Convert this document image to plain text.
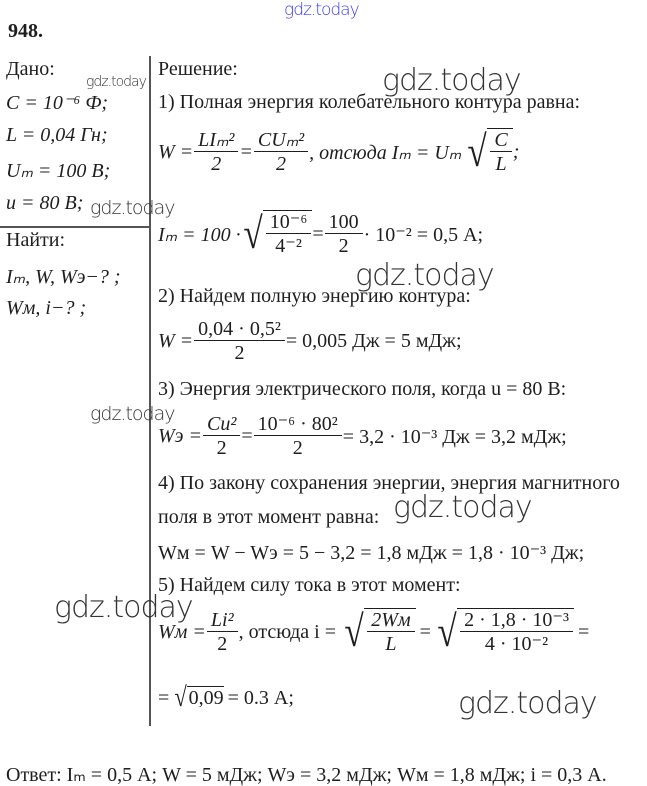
gdz.today
948.
Дано:
C = 10⁻⁶ Ф;
L = 0,04 Гн;
Uₘ = 100 В;
u = 80 В;
Найти:
Iₘ, W, Wэ−? ;
Wм, i−? ;
Решение:
1) Полная энергия колебательного контура равна:
$W = \frac{\text{LIₘ²}}{2} = \frac{\text{CUₘ²}}{2}$ , отсюда Iₘ = Uₘ √ $\frac{C}{L}$ ;
Iₘ = 100 · √ $\frac{\text{10⁻⁶}}{\text{4⁻²}} = \frac{100}{2} \cdot 10^{-2} = 0,5$ А;
2) Найдем полную энергию контура:
$W = \frac{\text{0,04 · 0,5²}}{2} = 0,005$ Дж = 5 мДж;
3) Энергия электрического поля, когда u = 80 В:
Wэ = $\frac{\text{Cu²}}{2} = \frac{\text{10⁻⁶ · 80²}}{2} = 3,2 \cdot 10^{-3}$ Дж = 3,2 мДж;
4) По закону сохранения энергии, энергия магнитного
поля в этот момент равна:
Wм = W − Wэ = 5 − 3,2 = 1,8 мДж = 1,8 · 10⁻³ Дж;
5) Найдем силу тока в этот момент:
Wм = $\frac{\text{Li²}}{2}$ , отсюда i = √ $\frac{2Wм}{L}$ = √ $\frac{\text{2 · 1,8 · 10⁻³}}{\text{4 · 10⁻²}}$ =
= √ 0,09 = 0.3 А;
Ответ: Iₘ = 0,5 А; W = 5 мДж; Wэ = 3,2 мДж; Wм = 1,8 мДж; i = 0,3 А.
gdz.today	gdz.today
gdz.today
gdz.today
gdz.today
gdz.today
gdz.today
gdz.today
